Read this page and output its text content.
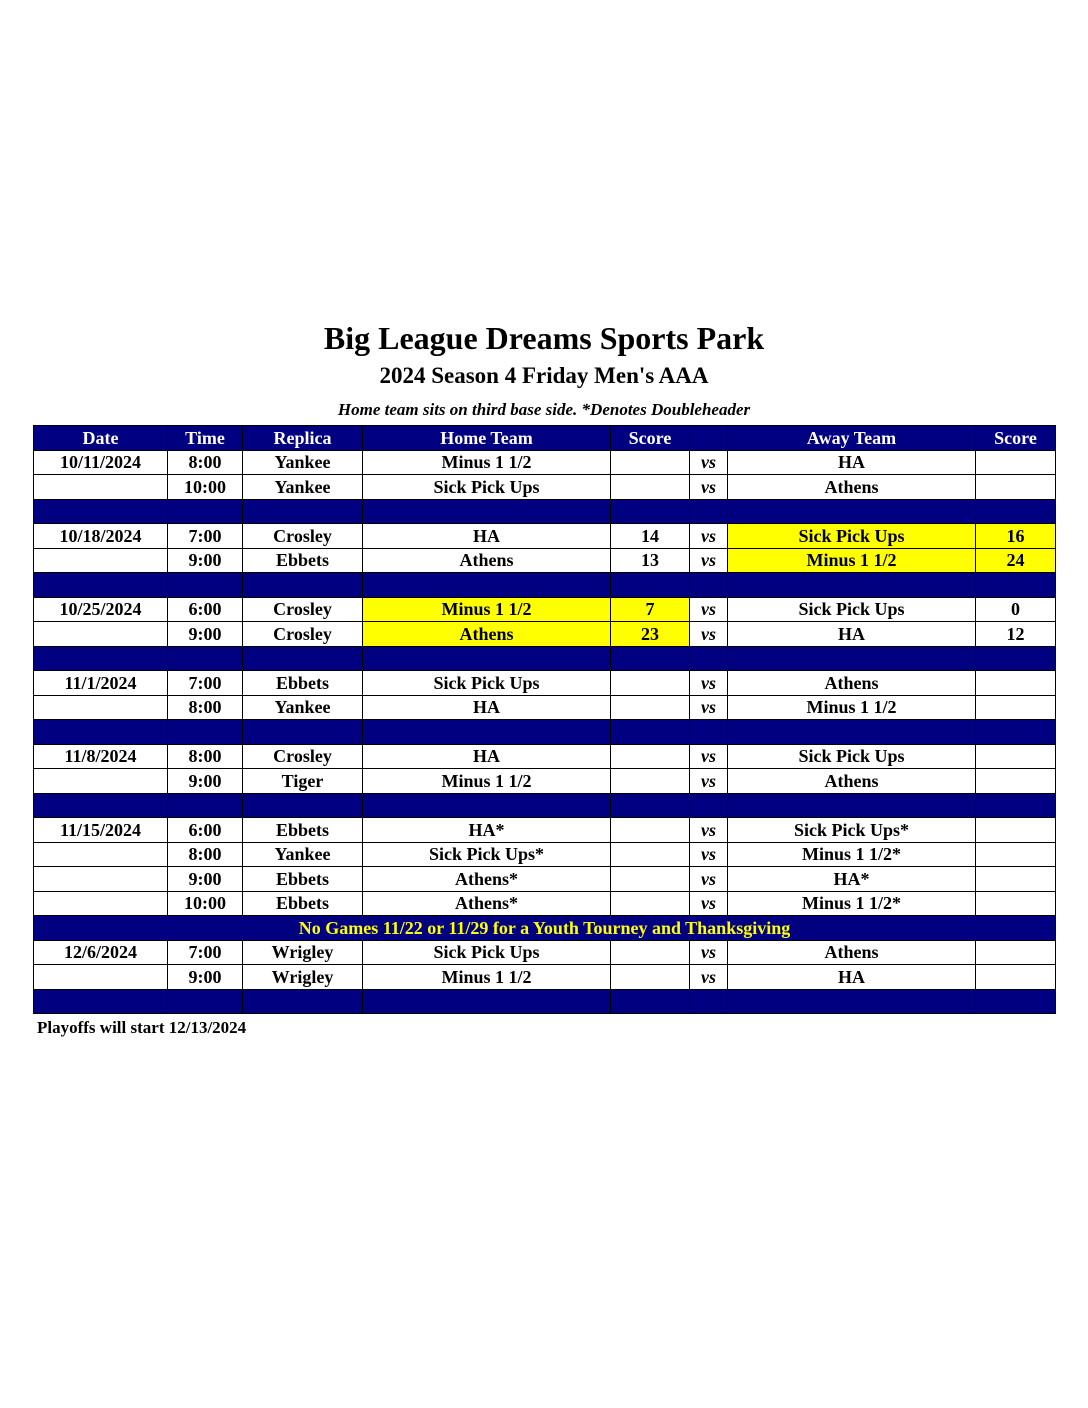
Big League Dreams Sports Park
2024 Season 4 Friday Men's AAA
Home team sits on third base side. *Denotes Doubleheader
Date	Time	Replica	Home Team	Score		Away Team	Score
10/11/2024	8:00	Yankee	Minus 1 1/2		vs	HA	
	10:00	Yankee	Sick Pick Ups		vs	Athens	

10/18/2024	7:00	Crosley	HA	14	vs	Sick Pick Ups	16
	9:00	Ebbets	Athens	13	vs	Minus 1 1/2	24

10/25/2024	6:00	Crosley	Minus 1 1/2	7	vs	Sick Pick Ups	0
	9:00	Crosley	Athens	23	vs	HA	12

11/1/2024	7:00	Ebbets	Sick Pick Ups		vs	Athens	
	8:00	Yankee	HA		vs	Minus 1 1/2	

11/8/2024	8:00	Crosley	HA		vs	Sick Pick Ups	
	9:00	Tiger	Minus 1 1/2		vs	Athens	

11/15/2024	6:00	Ebbets	HA*		vs	Sick Pick Ups*	
	8:00	Yankee	Sick Pick Ups*		vs	Minus 1 1/2*	
	9:00	Ebbets	Athens*		vs	HA*	
	10:00	Ebbets	Athens*		vs	Minus 1 1/2*	
No Games 11/22 or 11/29 for a Youth Tourney and Thanksgiving							
12/6/2024	7:00	Wrigley	Sick Pick Ups		vs	Athens	
	9:00	Wrigley	Minus 1 1/2		vs	HA	

Playoffs will start 12/13/2024
